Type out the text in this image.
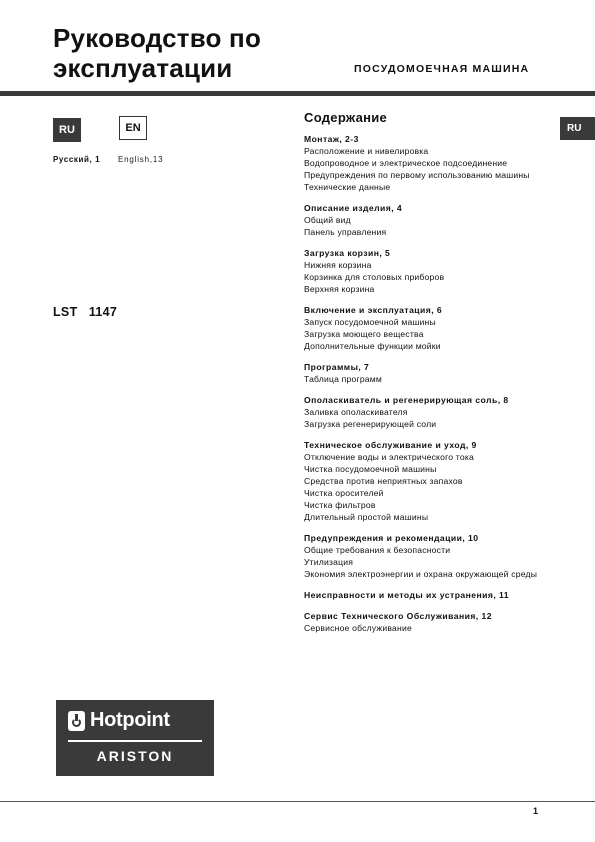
Руководство по
эксплуатации	ПОСУДОМОЕЧНАЯ МАШИНА
RU	EN
Русский, 1 English,13
RU
LST   1147
Содержание
Монтаж, 2-3
Расположение и нивелировка
Водопроводное и электрическое подсоединение
Предупреждения по первому использованию машины
Технические данные
Описание изделия, 4
Общий вид
Панель управления
Загрузка корзин, 5
Нижняя корзина
Корзинка для столовых приборов
Верхняя корзина
Включение и эксплуатация, 6
Запуск посудомоечной машины
Загрузка моющего вещества
Дополнительные функции мойки
Программы, 7
Таблица программ
Ополаскиватель и регенерирующая соль, 8
Заливка ополаскивателя
Загрузка регенерирующей соли
Техническое обслуживание и уход, 9
Отключение воды и электрического тока
Чистка посудомоечной машины
Средства против неприятных запахов
Чистка оросителей
Чистка фильтров
Длительный простой машины
Предупреждения и рекомендации, 10
Общие требования к безопасности
Утилизация
Экономия электроэнергии и охрана окружающей среды
Неисправности и методы их устранения, 11
Сервис Технического Обслуживания, 12
Сервисное обслуживание
Hotpoint
ARISTON
1
